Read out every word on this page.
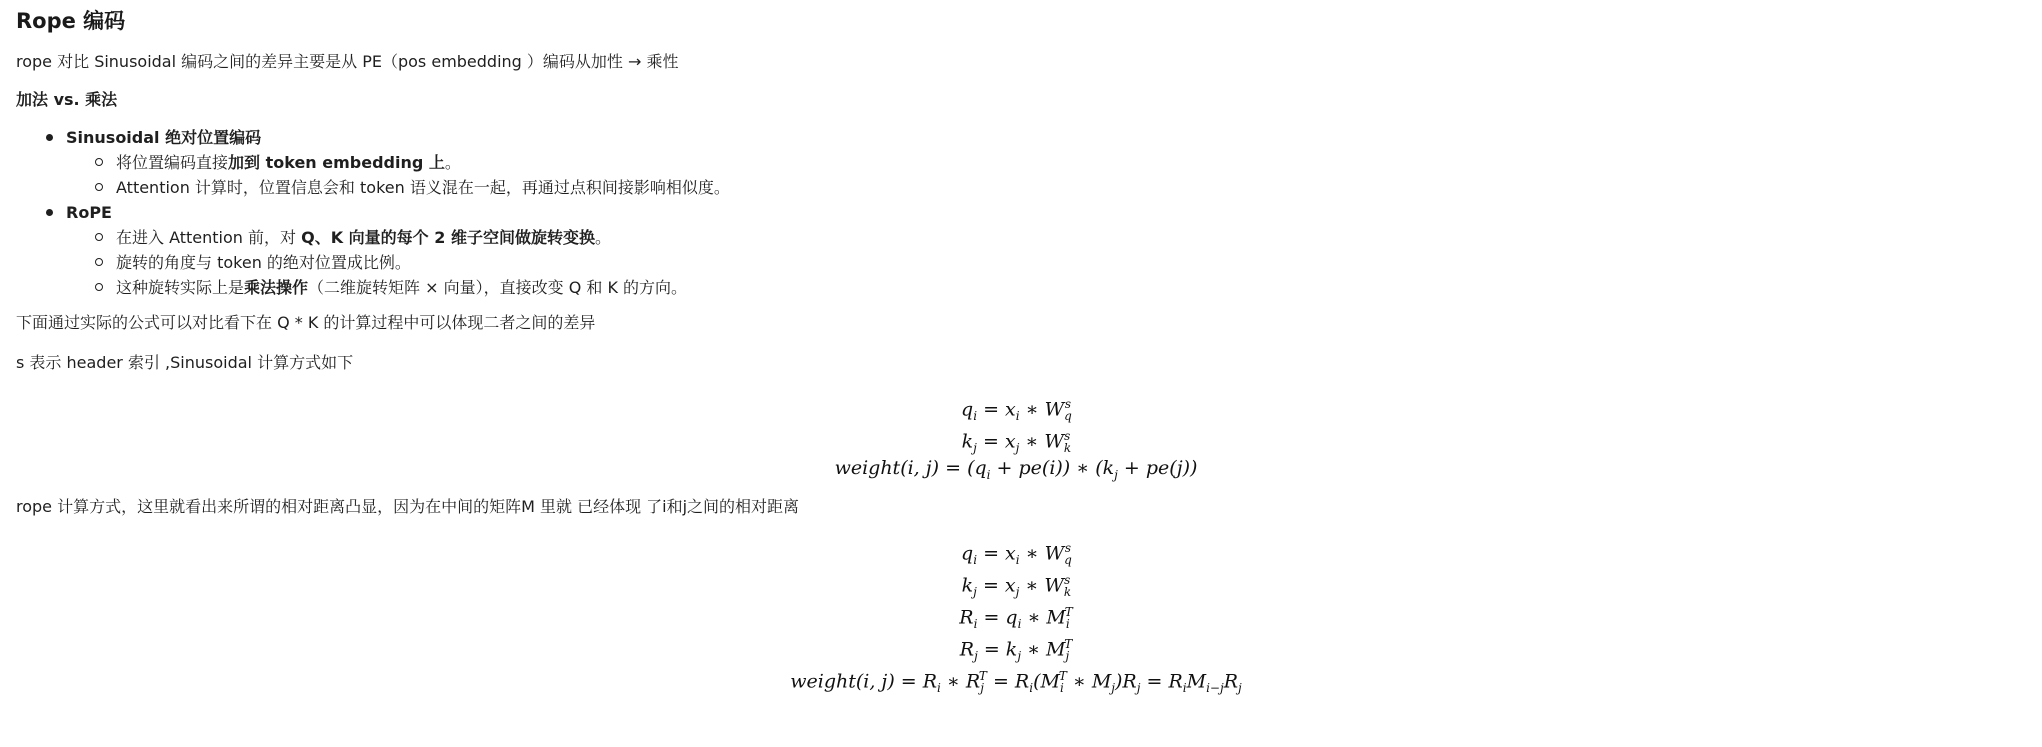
Rope 编码

rope 对比 Sinusoidal 编码之间的差异主要是从 PE（pos embedding ）编码从加性 → 乘性

加法 vs. 乘法

Sinusoidal 绝对位置编码
将位置编码直接加到 token embedding 上。
Attention 计算时，位置信息会和 token 语义混在一起，再通过点积间接影响相似度。
RoPE
在进入 Attention 前，对 Q、K 向量的每个 2 维子空间做旋转变换。
旋转的角度与 token 的绝对位置成比例。
这种旋转实际上是乘法操作（二维旋转矩阵 × 向量），直接改变 Q 和 K 的方向。

下面通过实际的公式可以对比看下在 Q * K 的计算过程中可以体现二者之间的差异

s 表示 header 索引 ,Sinusoidal 计算方式如下

$q_i = x_i$ ∗ $W_q^s$
$k_j = x_j$ ∗ $W_k^s$
weight(i, $j) = (q_i + pe(i))$ ∗ $(k_j + pe(j))$

rope 计算方式，这里就看出来所谓的相对距离凸显，因为在中间的矩阵M 里就 已经体现 了i和j之间的相对距离

$q_i = x_i$ ∗ $W_q^s$
$k_j = x_j$ ∗ $W_k^s$
$R_i = q_i$ ∗ $M_i^T$
$R_j = k_j$ ∗ $M_j^T$
weight(i, $j) = R_i$ ∗ $R_j^T = R_i(M_i^T$ ∗ $M_j)R_j = R_iM_{i-j}R_j$
